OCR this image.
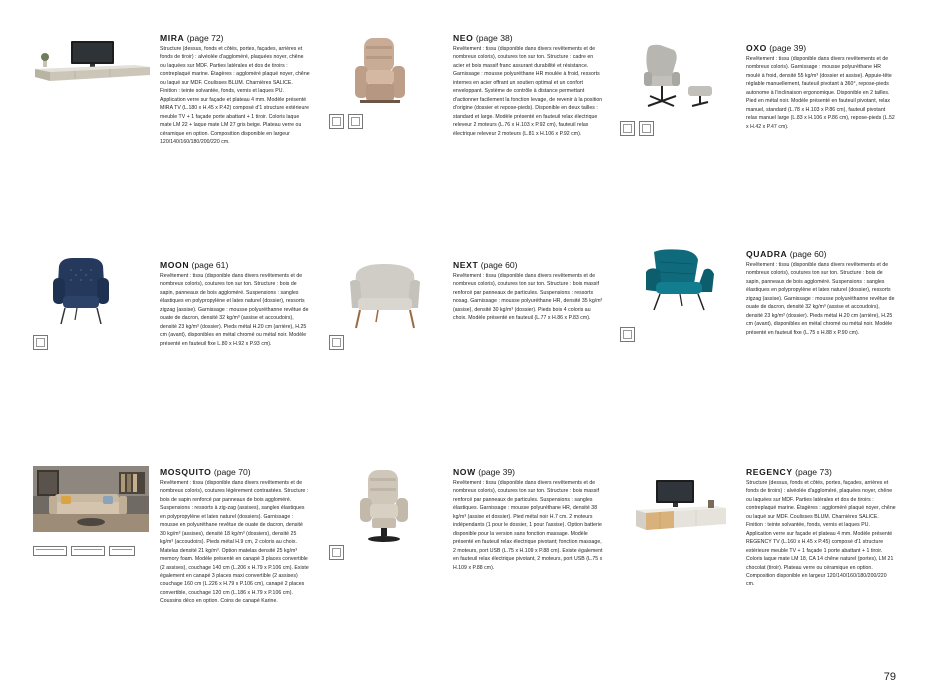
MIRA (page 72)

Structure (dessus, fonds et côtés, portes, façades, arrières et fonds de tiroir) : alvéolée d'aggloméré, plaquées noyer, chêne ou laquées sur MDF. Parties latérales et dos de tiroirs : contreplaqué marine. Étagères : aggloméré plaqué noyer, chêne ou laqué sur MDF. Coulisses BLUM. Charnières SALICE. Finition : teinte solvantée, fonds, vernis et laques PU. Application verre sur façade et plateau 4 mm. Modèle présenté MIRA TV (L.180 x H.45 x P.42) composé d'1 structure extérieure meuble TV + 1 façade porte abattant + 1 tiroir. Coloris laque mate LM 22 + laque mate LM 27 gris beige. Plateau verre ou céramique en option. Composition disponible en largeur 120/140/160/180/200/220 cm.

NEO (page 38)

Revêtement : tissu (disponible dans divers revêtements et de nombreux coloris), coutures ton sur ton. Structure : cadre en acier et bois massif franc assurant durabilité et résistance. Garnissage : mousse polyuréthane HR moulée à froid, ressorts internes en acier offrant un soutien optimal et un confort enveloppant. Système de contrôle à distance permettant d'actionner facilement la fonction levage, de revenir à la position d'origine (dossier et repose-pieds). Disponible en deux tailles : standard et large. Modèle présenté en fauteuil relax électrique releveur 2 moteurs (L.76 x H.103 x P.92 cm), fauteuil relax électrique releveur 2 moteurs (L.81 x H.106 x P.92 cm).

OXO (page 39)

Revêtement : tissu (disponible dans divers revêtements et de nombreux coloris). Garnissage : mousse polyuréthane HR moulé à froid, densité 55 kg/m³ (dossier et assise). Appuie-tête réglable manuellement, fauteuil pivotant à 360°, repose-pieds autonome à l'inclinaison ergonomique. Disponible en 2 tailles. Pied en métal noir. Modèle présenté en fauteuil pivotant, relax manuel, standard (L.78 x H.103 x P.86 cm), fauteuil pivotant relax manuel large (L.83 x H.106 x P.86 cm), repose-pieds (L.52 x H.42 x P.47 cm).

MOON (page 61)

Revêtement : tissu (disponible dans divers revêtements et de nombreux coloris), coutures ton sur ton. Structure : bois de sapin, panneaux de bois aggloméré. Suspensions : sangles élastiques en polypropylène et latex naturel (dossier), ressorts zigzag (assise). Garnissage : mousse polyuréthanne revêtue de ouate de dacron, densité 32 kg/m³ (assise et accoudoirs), densité 23 kg/m³ (dossier). Pieds métal H.20 cm (arrière), H.25 cm (avant), disponibles en métal chromé ou métal noir. Modèle présenté en fauteuil fixe L.80 x H.92 x P.93 cm).

NEXT (page 60)

Revêtement : tissu (disponible dans divers revêtements et de nombreux coloris), coutures ton sur ton. Structure : bois massif renforcé par panneaux de particules. Suspensions : ressorts nosag. Garnissage : mousse polyuréthane HR, densité 35 kg/m³ (assise), densité 30 kg/m³ (dossier). Pieds bois 4 coloris au choix. Modèle présenté en fauteuil (L.77 x H.86 x P.83 cm).

QUADRA (page 60)

Revêtement : tissu (disponible dans divers revêtements et de nombreux coloris), coutures ton sur ton. Structure : bois de sapin, panneaux de bois aggloméré. Suspensions : sangles élastiques en polypropylène et latex naturel (dossier), ressorts zigzag (assise). Garnissage : mousse polyuréthanne revêtue de ouate de dacron, densité 32 kg/m³ (assise et accoudoirs), densité 23 kg/m³ (dossier). Pieds métal H.20 cm (arrière), H.25 cm (avant), disponibles en métal chromé ou métal noir. Modèle présenté en fauteuil fixe (L.75 x H.88 x P.90 cm).

MOSQUITO (page 70)

Revêtement : tissu (disponible dans divers revêtements et de nombreux coloris), coutures légèrement contrastées. Structure : bois de sapin renforcé par panneaux de bois aggloméré. Suspensions : ressorts à zig-zag (assises), sangles élastiques en polypropylène et latex naturel (dossiers). Garnissage : mousse en polyuréthane revêtue de ouate de dacron, densité 30 kg/m³ (assises), densité 18 kg/m³ (dossiers), densité 25 kg/m³ (accoudoirs). Pieds métal H.9 cm, 2 coloris au choix. Matelas densité 21 kg/m³. Option matelas densité 25 kg/m³ memory foam. Modèle présenté en canapé 3 places convertible (2 assises), couchage 140 cm (L.206 x H.79 x P.106 cm). Existe également en canapé 3 places maxi convertible (2 assises) couchage 160 cm (L.226 x H.79 x P.106 cm), canapé 2 places convertible, couchage 120 cm (L.186 x H.79 x P.106 cm). Coussins déco en option. Coins de canapé Karine.

NOW (page 39)

Revêtement : tissu (disponible dans divers revêtements et de nombreux coloris), coutures ton sur ton. Structure : bois massif renforcé par panneaux de particules. Suspensions : sangles élastiques. Garnissage : mousse polyuréthane HR, densité 38 kg/m³ (assise et dossier). Pied métal noir H.7 cm. 2 moteurs indépendants (1 pour le dossier, 1 pour l'assise). Option batterie disponible pour la version sans fonction massage. Modèle présenté en fauteuil relax électrique pivotant; fonction massage, 2 moteurs, port USB (L.75 x H.109 x P.88 cm). Existe également en fauteuil relax électrique pivotant, 2 moteurs, port USB (L.75 x H.109 x P.88 cm).

REGENCY (page 73)

Structure (dessus, fonds et côtés, portes, façades, arrières et fonds de tiroirs) : alvéolée d'aggloméré, plaquées noyer, chêne ou laquées sur MDF. Parties latérales et dos de tiroirs : contreplaqué marine. Étagères : aggloméré plaqué noyer, chêne ou laqué sur MDF. Coulisses BLUM. Charnières SALICE. Finition : teinte solvantée, fonds, vernis et laques PU. Application verre sur façade et plateau 4 mm. Modèle présenté REGENCY TV (L.160 x H.45 x P.45) composé d'1 structure extérieure meuble TV + 1 façade 1 porte abattant + 1 tiroir. Coloris laque mate LM 18, CA 14 chêne naturel (portes), LM 21 chocolat (tiroir). Plateau verre ou céramique en option. Composition disponible en largeur 120/140/160/180/200/220 cm.

79
